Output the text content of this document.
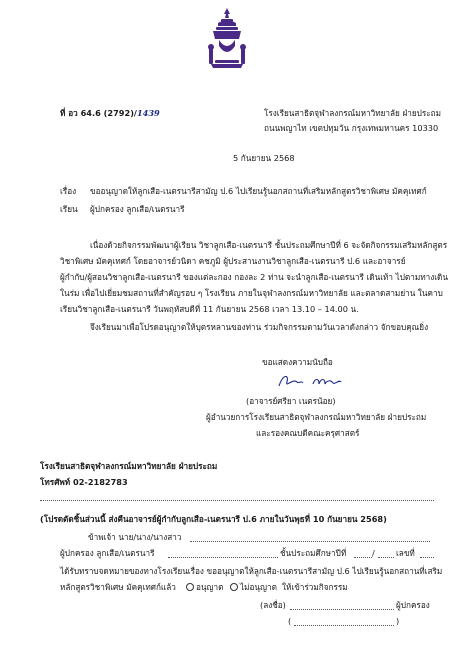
ที่ อว 64.6 (2792)/1439	โรงเรียนสาธิตจุฬาลงกรณ์มหาวิทยาลัย ฝ่ายประถม
ถนนพญาไท เขตปทุมวัน กรุงเทพมหานคร 10330
5 กันยายน 2568
เรื่อง ขออนุญาตให้ลูกเสือ-เนตรนารีสามัญ ป.6 ไปเรียนรู้นอกสถานที่เสริมหลักสูตรวิชาพิเศษ มัคคุเทศก์
เรียน ผู้ปกครอง ลูกเสือ/เนตรนารี
เนื่องด้วยกิจกรรมพัฒนาผู้เรียน วิชาลูกเสือ-เนตรนารี ชั้นประถมศึกษาปีที่ 6 จะจัดกิจกรรมเสริมหลักสูตร
วิชาพิเศษ มัคคุเทศก์ โดยอาจารย์วนิดา คชภูมิ ผู้ประสานงานวิชาลูกเสือ-เนตรนารี ป.6 และอาจารย์
ผู้กำกับ/ผู้สอนวิชาลูกเสือ-เนตรนารี ของแต่ละกอง กองละ 2 ท่าน จะนำลูกเสือ-เนตรนารี เดินเท้า ไปตามทางเดิน
ในร่ม เพื่อไปเยี่ยมชมสถานที่สำคัญรอบ ๆ โรงเรียน ภายในจุฬาลงกรณ์มหาวิทยาลัย และตลาดสามย่าน ในคาบ
เรียนวิชาลูกเสือ-เนตรนารี วันพฤหัสบดีที่ 11 กันยายน 2568 เวลา 13.10 – 14.00 น.
จึงเรียนมาเพื่อโปรดอนุญาตให้บุตรหลานของท่าน ร่วมกิจกรรมตามวันเวลาดังกล่าว จักขอบคุณยิ่ง
ขอแสดงความนับถือ
(อาจารย์ศรียา เนตรน้อย)
ผู้อำนวยการโรงเรียนสาธิตจุฬาลงกรณ์มหาวิทยาลัย ฝ่ายประถม
และรองคณบดีคณะครุศาสตร์
โรงเรียนสาธิตจุฬาลงกรณ์มหาวิทยาลัย ฝ่ายประถม
โทรศัพท์ 02-2182783
(โปรดตัดชิ้นส่วนนี้ ส่งคืนอาจารย์ผู้กำกับลูกเสือ-เนตรนารี ป.6 ภายในวันพุธที่ 10 กันยายน 2568)
ข้าพเจ้า นาย/นาง/นางสาว
ผู้ปกครอง ลูกเสือ/เนตรนารี	ชั้นประถมศึกษาปีที่	/	เลขที่
ได้รับทราบจดหมายของทางโรงเรียนเรื่อง ขออนุญาตให้ลูกเสือ-เนตรนารีสามัญ ป.6 ไปเรียนรู้นอกสถานที่เสริม
หลักสูตรวิชาพิเศษ มัคคุเทศก์แล้ว	อนุญาต	ไม่อนุญาต ให้เข้าร่วมกิจกรรม
(ลงชื่อ)	ผู้ปกครอง
(	)
